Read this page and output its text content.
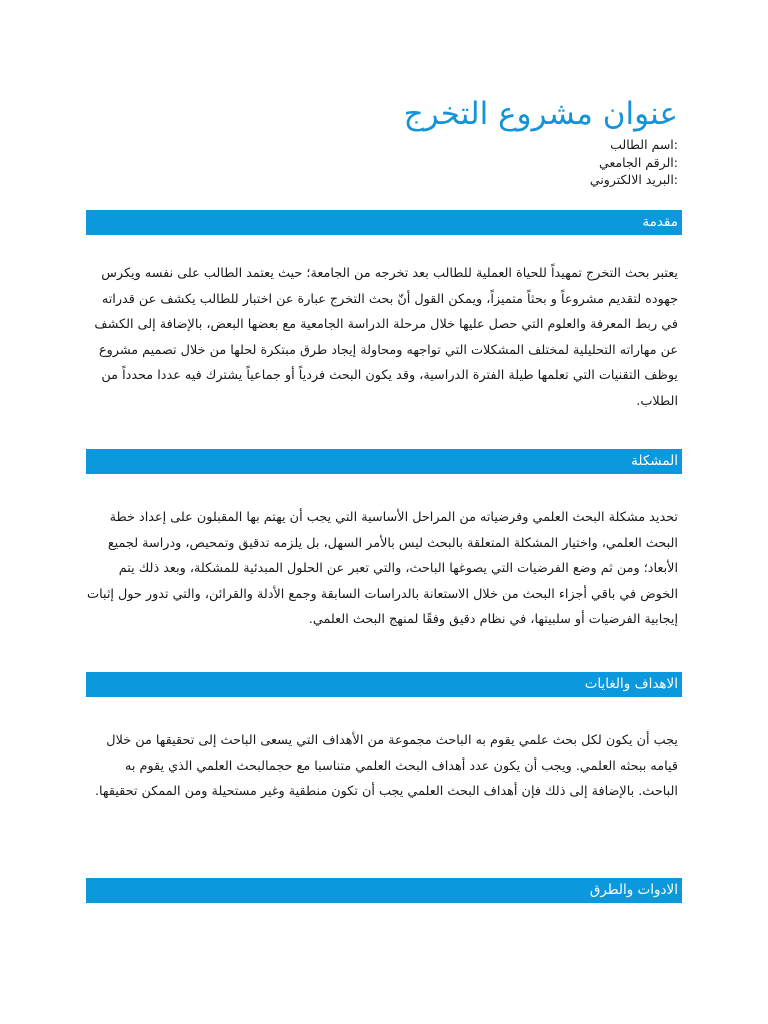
عنوان مشروع التخرج
:اسم الطالب
:الرقم الجامعي
:البريد الالكتروني
مقدمة

يعتبر بحث التخرج تمهيداً للحياة العملية للطالب بعد تخرجه من الجامعة؛ حيث يعتمد الطالب على نفسه ويكرس جهوده لتقديم مشروعاً و بحثاً متميزاً، ويمكن القول أنّ بحث التخرج عبارة عن اختبار للطالب يكشف عن قدراته في ربط المعرفة والعلوم التي حصل عليها خلال مرحلة الدراسة الجامعية مع بعضها البعض، بالإضافة إلى الكشف عن مهاراته التحليلية لمختلف المشكلات التي تواجهه ومحاولة إيجاد طرق مبتكرة لحلها من خلال تصميم مشروع يوظف التقنيات التي تعلمها طيلة الفترة الدراسية، وقد يكون البحث فردياً أو جماعياً يشترك فيه عددا محدداً من الطلاب.

المشكلة

تحديد مشكلة البحث العلمي وفرضياته من المراحل الأساسية التي يجب أن يهتم بها المقبلون على إعداد خطة البحث العلمي، واختيار المشكلة المتعلقة بالبحث ليس بالأمر السهل، بل يلزمه تدقيق وتمحيص، ودراسة لجميع الأبعاد؛ ومن ثم وضع الفرضيات التي يصوغها الباحث، والتي تعبر عن الحلول المبدئية للمشكلة، وبعد ذلك يتم الخوض في باقي أجزاء البحث من خلال الاستعانة بالدراسات السابقة وجمع الأدلة والقرائن، والتي تدور حول إثبات إيجابية الفرضيات أو سلبيتها، في نظام دقيق وفقًا لمنهج البحث العلمي.

الاهداف والغايات

يجب أن يكون لكل بحث علمي يقوم به الباحث مجموعة من الأهداف التي يسعى الباحث إلى تحقيقها من خلال قيامه ببحثه العلمي. ويجب أن يكون عدد أهداف البحث العلمي متناسبا مع حجمالبحث العلمي الذي يقوم به الباحث. بالإضافة إلى ذلك فإن أهداف البحث العلمي يجب أن تكون منطقية وغير مستحيلة ومن الممكن تحقيقها.

الادوات والطرق
